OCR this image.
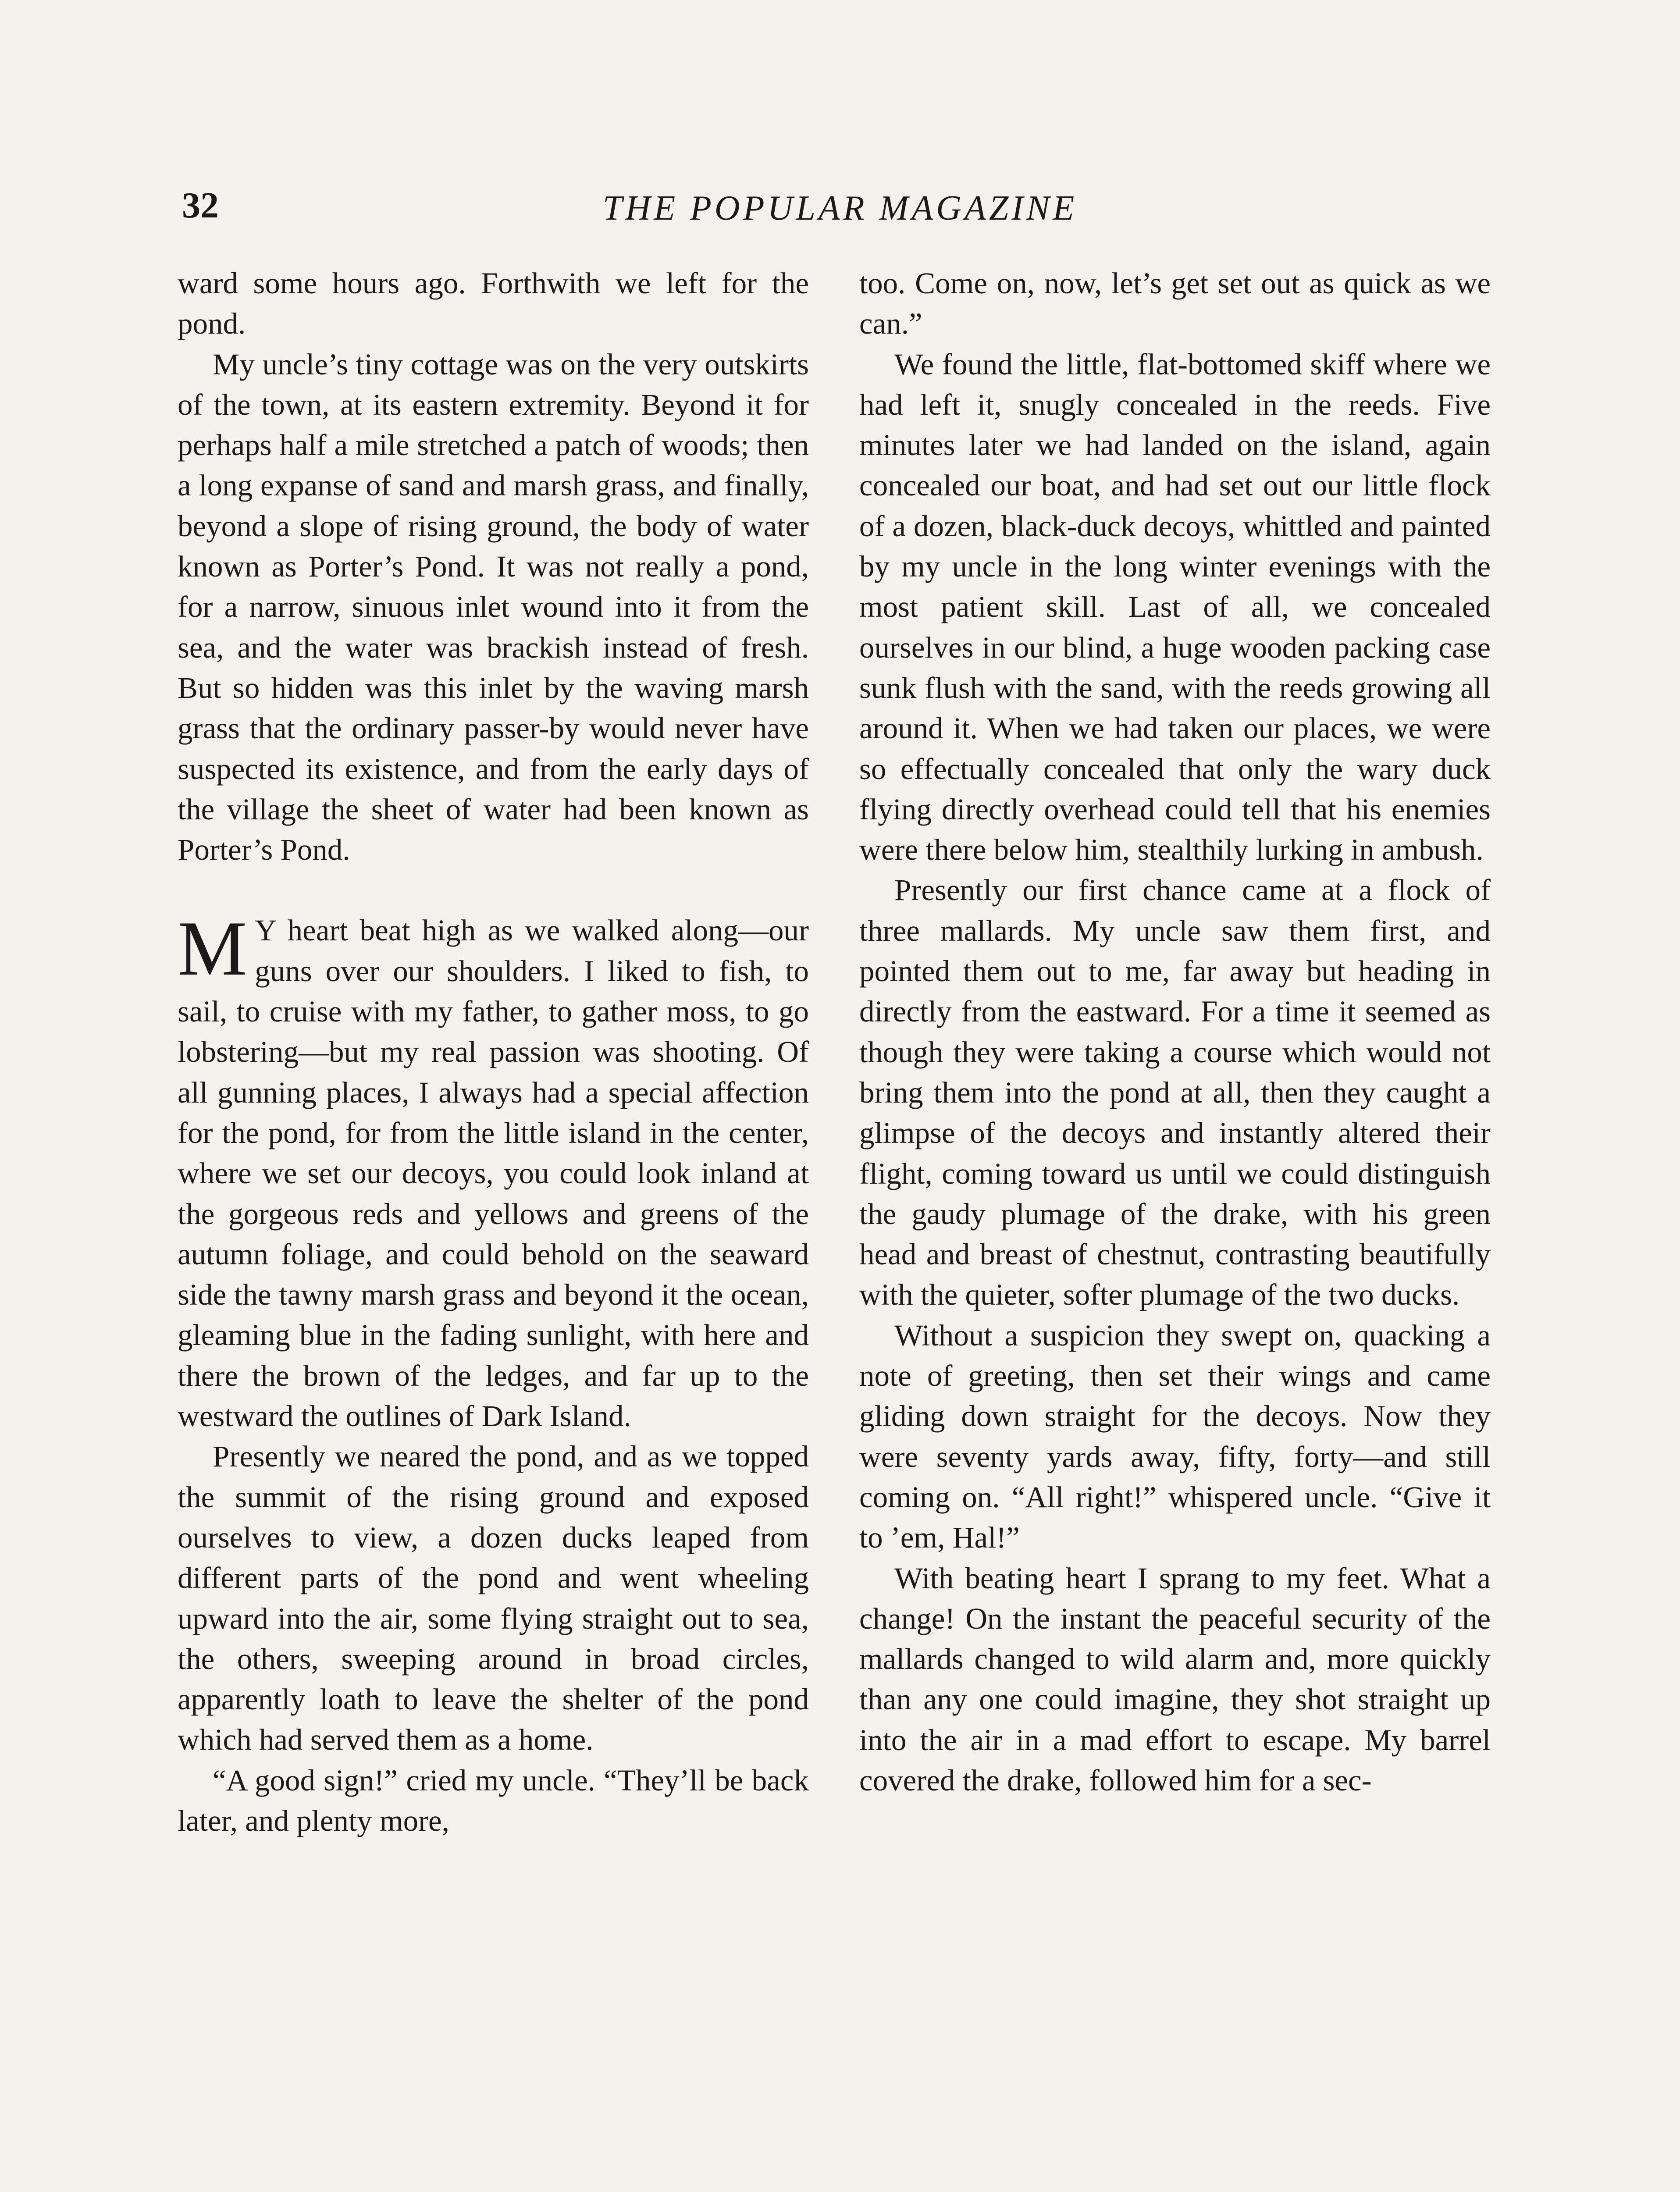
32	THE POPULAR MAGAZINE

ward some hours ago. Forthwith we left for the pond.

My uncle’s tiny cottage was on the very outskirts of the town, at its eastern extremity. Beyond it for perhaps half a mile stretched a patch of woods; then a long expanse of sand and marsh grass, and finally, beyond a slope of rising ground, the body of water known as Porter’s Pond. It was not really a pond, for a narrow, sinuous inlet wound into it from the sea, and the water was brackish instead of fresh. But so hidden was this inlet by the waving marsh grass that the ordinary passer-by would never have suspected its existence, and from the early days of the village the sheet of water had been known as Porter’s Pond.

M Y heart beat high as we walked along—our guns over our shoulders. I liked to fish, to sail, to cruise with my father, to gather moss, to go lobstering—but my real passion was shooting. Of all gunning places, I always had a special affection for the pond, for from the little island in the center, where we set our decoys, you could look inland at the gorgeous reds and yellows and greens of the autumn foliage, and could behold on the seaward side the tawny marsh grass and beyond it the ocean, gleaming blue in the fading sunlight, with here and there the brown of the ledges, and far up to the westward the outlines of Dark Island.

Presently we neared the pond, and as we topped the summit of the rising ground and exposed ourselves to view, a dozen ducks leaped from different parts of the pond and went wheeling upward into the air, some flying straight out to sea, the others, sweeping around in broad circles, apparently loath to leave the shelter of the pond which had served them as a home.

“A good sign!” cried my uncle. “They’ll be back later, and plenty more,

too. Come on, now, let’s get set out as quick as we can.”

We found the little, flat-bottomed skiff where we had left it, snugly concealed in the reeds. Five minutes later we had landed on the island, again concealed our boat, and had set out our little flock of a dozen, black-duck decoys, whittled and painted by my uncle in the long winter evenings with the most patient skill. Last of all, we concealed ourselves in our blind, a huge wooden packing case sunk flush with the sand, with the reeds growing all around it. When we had taken our places, we were so effectually concealed that only the wary duck flying directly overhead could tell that his enemies were there below him, stealthily lurking in ambush.

Presently our first chance came at a flock of three mallards. My uncle saw them first, and pointed them out to me, far away but heading in directly from the eastward. For a time it seemed as though they were taking a course which would not bring them into the pond at all, then they caught a glimpse of the decoys and instantly altered their flight, coming toward us until we could distinguish the gaudy plumage of the drake, with his green head and breast of chestnut, contrasting beautifully with the quieter, softer plumage of the two ducks.

Without a suspicion they swept on, quacking a note of greeting, then set their wings and came gliding down straight for the decoys. Now they were seventy yards away, fifty, forty—and still coming on. “All right!” whispered uncle. “Give it to ’em, Hal!”

With beating heart I sprang to my feet. What a change! On the instant the peaceful security of the mallards changed to wild alarm and, more quickly than any one could imagine, they shot straight up into the air in a mad effort to escape. My barrel covered the drake, followed him for a sec-
